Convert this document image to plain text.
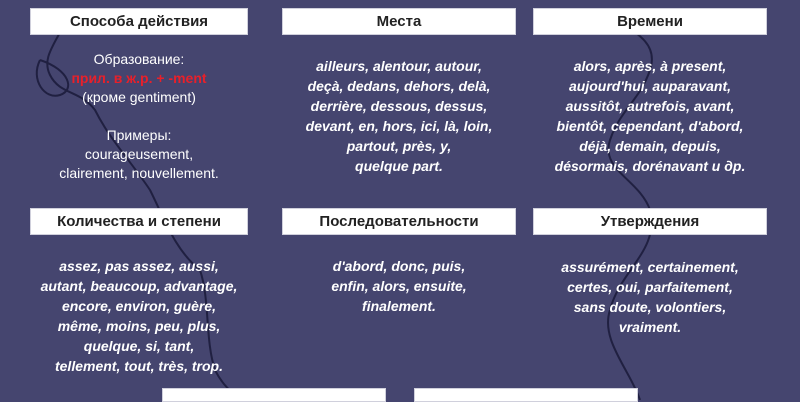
Способа действия	Места	Времени
Образование:
прил. в ж.р. + -ment
(кроме gentiment)
Примеры:
courageusement,
clairement, nouvellement.
ailleurs, alentour, autour,
deçà, dedans, dehors, delà,
derrière, dessous, dessus,
devant, en, hors, ici, là, loin,
partout, près, y,
quelque part.
alors, après, à present,
aujourd'hui, auparavant,
aussitôt, autrefois, avant,
bientôt, cependant, d'abord,
déjà, demain, depuis,
désormais, dorénavant и др.
Количества и степени	Последовательности	Утверждения
assez, pas assez, aussi,
autant, beaucoup, advantage,
encore, environ, guère,
même, moins, peu, plus,
quelque, si, tant,
tellement, tout, très, trop.
d'abord, donc, puis,
enfin, alors, ensuite,
finalement.
assurément, certainement,
certes, oui, parfaitement,
sans doute, volontiers,
vraiment.
